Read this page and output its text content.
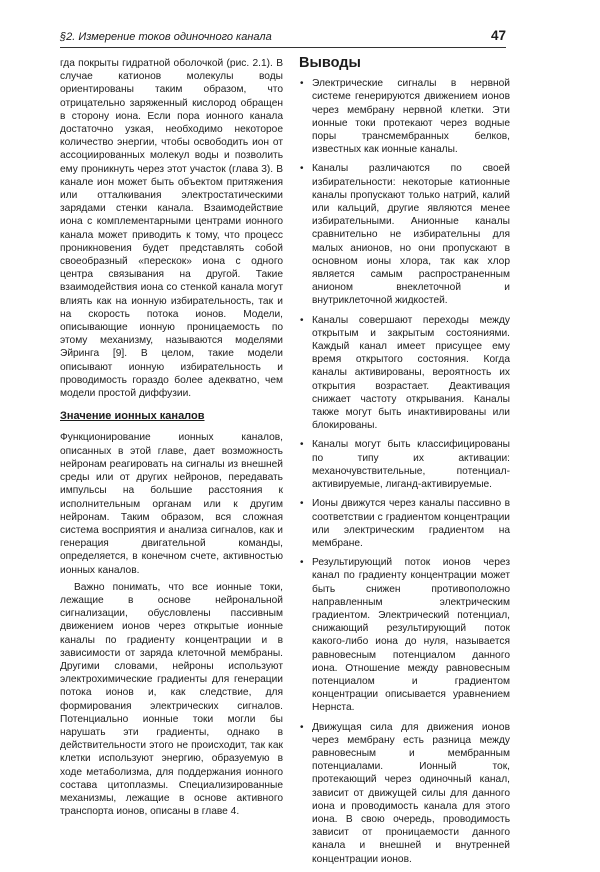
§2. Измерение токов одиночного канала	47

гда покрыты гидратной оболочкой (рис. 2.1). В случае катионов молекулы воды ориентированы таким образом, что отрицательно заряженный кислород обращен в сторону иона. Если пора ионного канала достаточно узкая, необходимо некоторое количество энергии, чтобы освободить ион от ассоциированных молекул воды и позволить ему проникнуть через этот участок (глава 3). В канале ион может быть объектом притяжения или отталкивания электростатическими зарядами стенки канала. Взаимодействие иона с комплементарными центрами ионного канала может приводить к тому, что процесс проникновения будет представлять собой своеобразный «перескок» иона с одного центра связывания на другой. Такие взаимодействия иона со стенкой канала могут влиять как на ионную избирательность, так и на скорость потока ионов. Модели, описывающие ионную проницаемость по этому механизму, называются моделями Эйринга [9]. В целом, такие модели описывают ионную избирательность и проводимость гораздо более адекватно, чем модели простой диффузии.

Значение ионных каналов

Функционирование ионных каналов, описанных в этой главе, дает возможность нейронам реагировать на сигналы из внешней среды или от других нейронов, передавать импульсы на большие расстояния к исполнительным органам или к другим нейронам. Таким образом, вся сложная система восприятия и анализа сигналов, как и генерация двигательной команды, определяется, в конечном счете, активностью ионных каналов.

Важно понимать, что все ионные токи, лежащие в основе нейрональной сигнализации, обусловлены пассивным движением ионов через открытые ионные каналы по градиенту концентрации и в зависимости от заряда клеточной мембраны. Другими словами, нейроны используют электрохимические градиенты для генерации потока ионов и, как следствие, для формирования электрических сигналов. Потенциально ионные токи могли бы нарушать эти градиенты, однако в действительности этого не происходит, так как клетки используют энергию, образуемую в ходе метаболизма, для поддержания ионного состава цитоплазмы. Специализированные механизмы, лежащие в основе активного транспорта ионов, описаны в главе 4.

Выводы
• Электрические сигналы в нервной системе генерируются движением ионов через мембрану нервной клетки. Эти ионные токи протекают через водные поры трансмембранных белков, известных как ионные каналы.
• Каналы различаются по своей избирательности: некоторые катионные каналы пропускают только натрий, калий или кальций, другие являются менее избирательными. Анионные каналы сравнительно не избирательны для малых анионов, но они пропускают в основном ионы хлора, так как хлор является самым распространенным анионом внеклеточной и внутриклеточной жидкостей.
• Каналы совершают переходы между открытым и закрытым состояниями. Каждый канал имеет присущее ему время открытого состояния. Когда каналы активированы, вероятность их открытия возрастает. Деактивация снижает частоту открывания. Каналы также могут быть инактивированы или блокированы.
• Каналы могут быть классифицированы по типу их активации: механочувствительные, потенциал-активируемые, лиганд-активируемые.
• Ионы движутся через каналы пассивно в соответствии с градиентом концентрации или электрическим градиентом на мембране.
• Результирующий поток ионов через канал по градиенту концентрации может быть снижен противоположно направленным электрическим градиентом. Электрический потенциал, снижающий результирующий поток какого-либо иона до нуля, называется равновесным потенциалом данного иона. Отношение между равновесным потенциалом и градиентом концентрации описывается уравнением Нернста.
• Движущая сила для движения ионов через мембрану есть разница между равновесным и мембранным потенциалами. Ионный ток, протекающий через одиночный канал, зависит от движущей силы для данного иона и проводимость канала для этого иона. В свою очередь, проводимость зависит от проницаемости данного канала и внешней и внутренней концентрации ионов.
